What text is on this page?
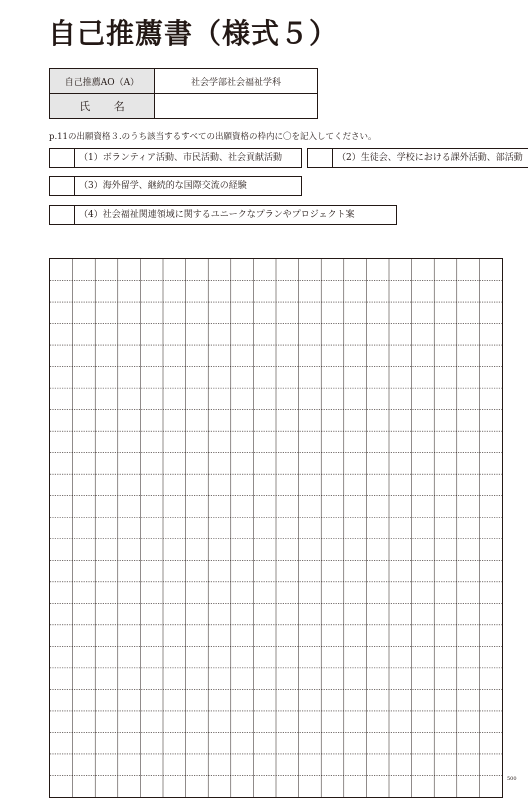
自己推薦書（様式５）
自己推薦AO（A）	社会学部社会福祉学科
氏 名	
p.11の出願資格３.のうち該当するすべての出願資格の枠内に〇を記入してください。
（1）ボランティア活動、市民活動、社会貢献活動	（2）生徒会、学校における課外活動、部活動
（3）海外留学、継続的な国際交流の経験
（4）社会福祉関連領域に関するユニークなプランやプロジェクト案
500
